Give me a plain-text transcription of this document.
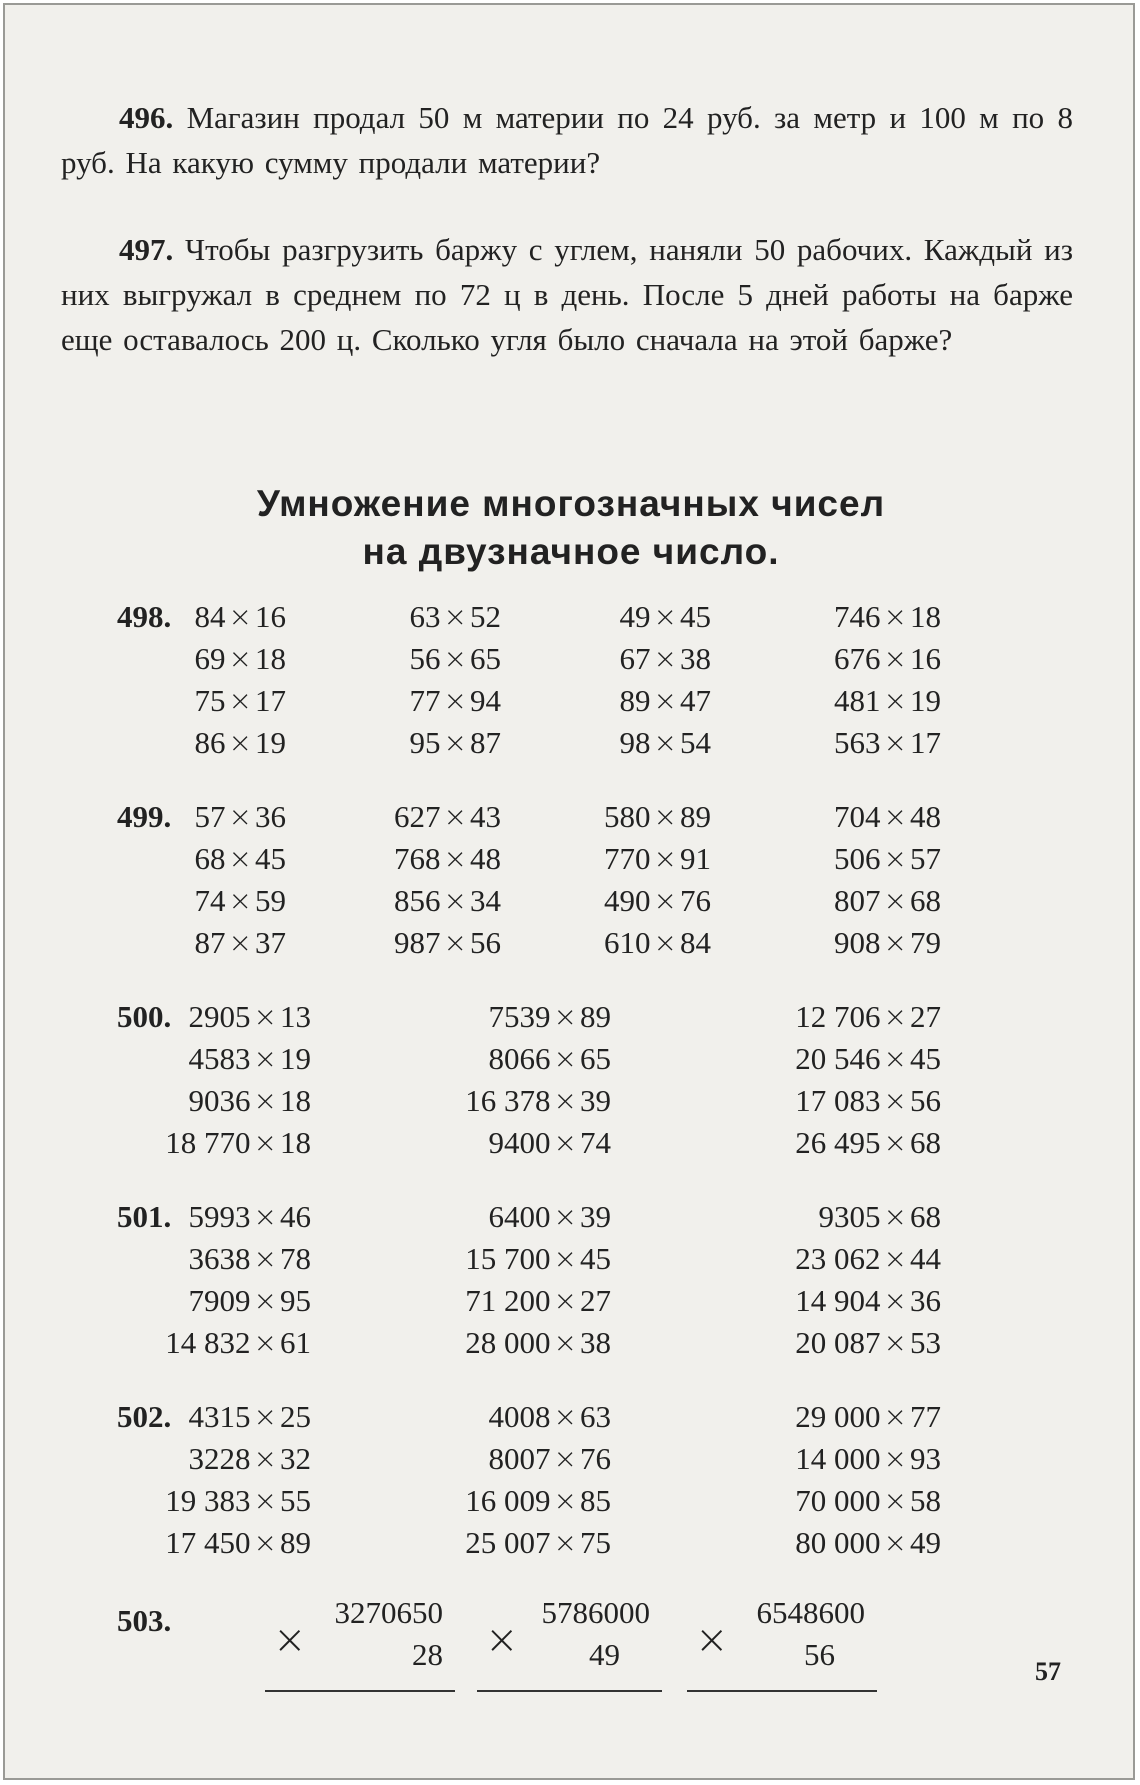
496. Магазин продал 50 м материи по 24 руб. за метр и 100 м по 8 руб. На какую сумму продали материи?
497. Чтобы разгрузить баржу с углем, наняли 50 рабочих. Каждый из них выгружал в среднем по 72 ц в день. После 5 дней работы на барже еще оставалось 200 ц. Сколько угля было сначала на этой барже?
Умножение многозначных чисел
на двузначное число.
498. 84 ×16	63 ×52	49 ×45	746 ×18
69 ×18	56 ×65	67 ×38	676 ×16
75 ×17	77 ×94	89 ×47	481 ×19
86 ×19	95 ×87	98 ×54	563 ×17
499. 57 ×36	627 ×43	580 ×89	704 ×48
68 ×45	768 ×48	770 ×91	506 ×57
74 ×59	856 ×34	490 ×76	807 ×68
87 ×37	987 ×56	610 ×84	908 ×79
500. 2905 ×13	7539 ×89	12 706 ×27
4583 ×19	8066 ×65	20 546 ×45
9036 ×18	16 378 ×39	17 083 ×56
18 770 ×18	9400 ×74	26 495 ×68
501. 5993 ×46	6400 ×39	9305 ×68
3638 ×78	15 700 ×45	23 062 ×44
7909 ×95	71 200 ×27	14 904 ×36
14 832 ×61	28 000 ×38	20 087 ×53
502. 4315 ×25	4008 ×63	29 000 ×77
3228 ×32	8007 ×76	14 000 ×93
19 383 ×55	16 009 ×85	70 000 ×58
17 450 ×89	25 007 ×75	80 000 ×49
503.	×
3270650
28 ×
5786000
49 ×
6548600
56	57
